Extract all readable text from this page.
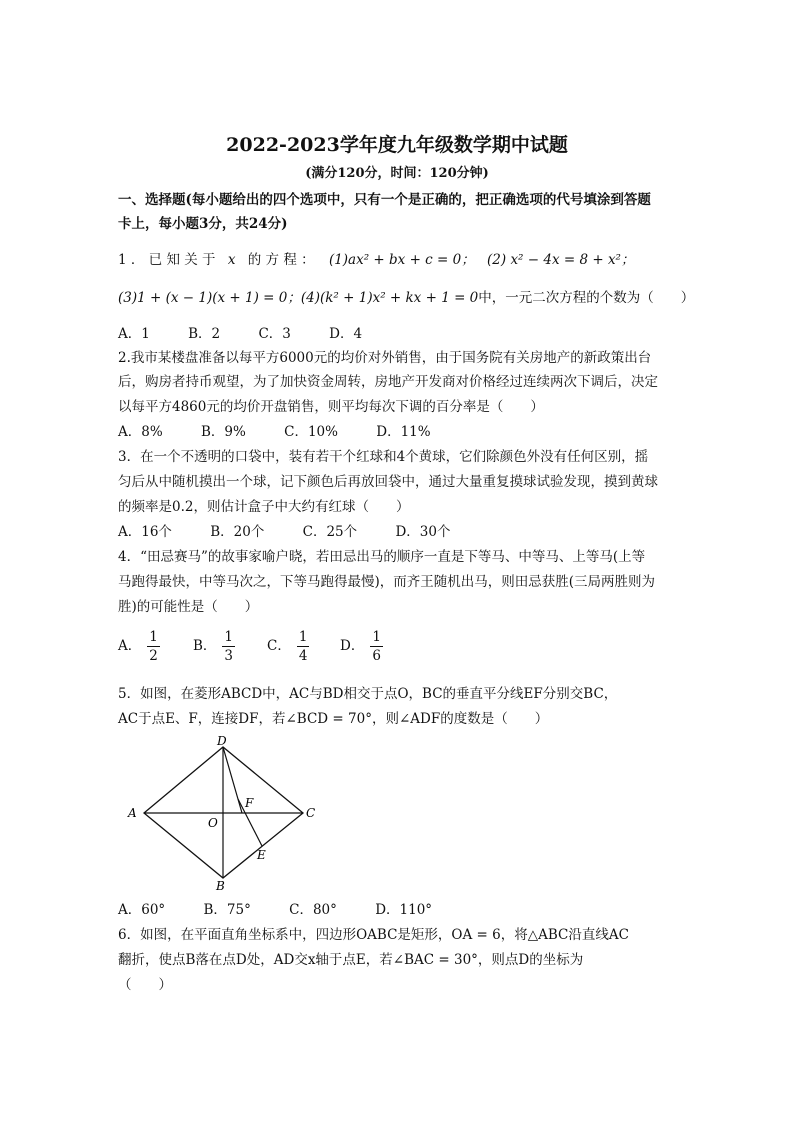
2022-2023学年度九年级数学期中试题
(满分120分，时间：120分钟)
一、选择题(每小题给出的四个选项中，只有一个是正确的，把正确选项的代号填涂到答题
卡上，每小题3分，共24分)
1 ． 已 知 关 于 x 的 方 程 ： (1)ax² + bx + c = 0； (2) x² − 4x = 8 + x²；
(3)1 + (x − 1)(x + 1) = 0；(4)(k² + 1)x² + kx + 1 = 0中，一元二次方程的个数为（　　）
A．1	B．2	C．3	D．4
2.我市某楼盘准备以每平方6000元的均价对外销售，由于国务院有关房地产的新政策出台
后，购房者持币观望，为了加快资金周转，房地产开发商对价格经过连续两次下调后，决定
以每平方4860元的均价开盘销售，则平均每次下调的百分率是（　　）
A．8%	B．9%	C．10%	D．11%
3．在一个不透明的口袋中，装有若干个红球和4个黄球，它们除颜色外没有任何区别，摇
匀后从中随机摸出一个球，记下颜色后再放回袋中，通过大量重复摸球试验发现，摸到黄球
的频率是0.2，则估计盒子中大约有红球（　　）
A．16个	B．20个	C．25个	D．30个
4．“田忌赛马”的故事家喻户晓，若田忌出马的顺序一直是下等马、中等马、上等马(上等
马跑得最快，中等马次之，下等马跑得最慢)，而齐王随机出马，则田忌获胜(三局两胜则为
胜)的可能性是（　　）
A． $\frac{1}{2}$ B． $\frac{1}{3}$ C． $\frac{1}{4}$ D． $\frac{1}{6}$
5．如图，在菱形ABCD中，AC与BD相交于点O，BC的垂直平分线EF分别交BC，
AC于点E、F，连接DF，若∠BCD = 70°，则∠ADF的度数是（　　）
D
A
F
C
O
E
B
A．60°	B．75°	C．80°	D．110°
6．如图，在平面直角坐标系中，四边形OABC是矩形，OA = 6，将△ABC沿直线AC
翻折，使点B落在点D处，AD交x轴于点E，若∠BAC = 30°，则点D的坐标为
（　　）
